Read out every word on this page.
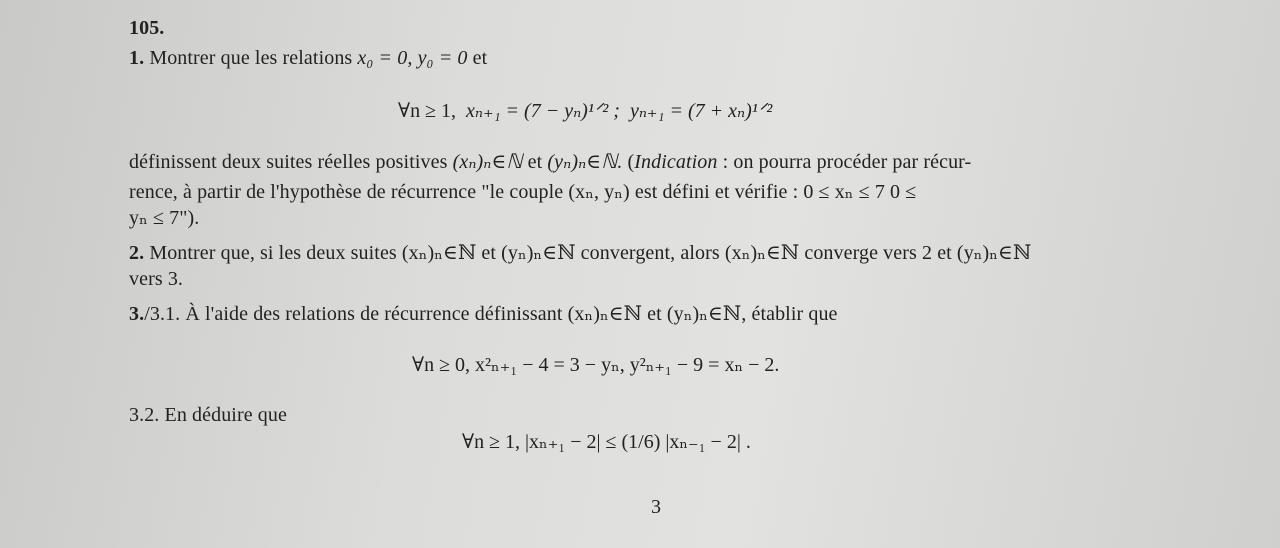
105.
1. Montrer que les relations x₀ = 0, y₀ = 0 et
∀n ≥ 1, xₙ₊₁ = (7 − yₙ)¹ᐟ² ; yₙ₊₁ = (7 + xₙ)¹ᐟ²
définissent deux suites réelles positives (xₙ)ₙ∈ℕ et (yₙ)ₙ∈ℕ. (Indication : on pourra procéder par récur-
rence, à partir de l'hypothèse de récurrence "le couple (xₙ, yₙ) est défini et vérifie : 0 ≤ xₙ ≤ 7 0 ≤
yₙ ≤ 7").
2. Montrer que, si les deux suites (xₙ)ₙ∈ℕ et (yₙ)ₙ∈ℕ convergent, alors (xₙ)ₙ∈ℕ converge vers 2 et (yₙ)ₙ∈ℕ
vers 3.
3./3.1. À l'aide des relations de récurrence définissant (xₙ)ₙ∈ℕ et (yₙ)ₙ∈ℕ, établir que
∀n ≥ 0, x²ₙ₊₁ − 4 = 3 − yₙ, y²ₙ₊₁ − 9 = xₙ − 2.
3.2. En déduire que
∀n ≥ 1, |xₙ₊₁ − 2| ≤ (1/6) |xₙ₋₁ − 2| .
3
